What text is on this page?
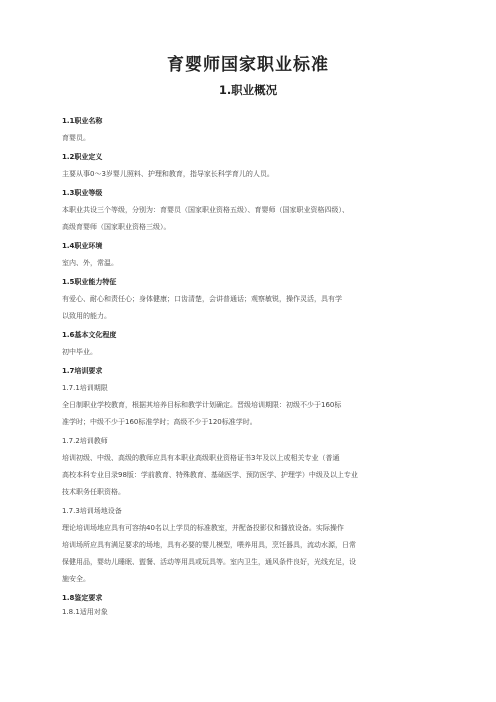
育婴师国家职业标准
1.职业概况
1.1职业名称
育婴员。
1.2职业定义
主要从事0～3岁婴儿照料、护理和教育，指导家长科学育儿的人员。
1.3职业等级
本职业共设三个等级，分别为：育婴员（国家职业资格五级）、育婴师（国家职业资格四级）、
高级育婴师（国家职业资格三级）。
1.4职业环境
室内、外，常温。
1.5职业能力特征
有爱心、耐心和责任心；身体健康；口齿清楚，会讲普通话；观察敏锐，操作灵活，具有学
以致用的能力。
1.6基本文化程度
初中毕业。
1.7培训要求
1.7.1培训期限
全日制职业学校教育，根据其培养目标和教学计划确定。晋级培训期限：初级不少于160标
准学时；中级不少于160标准学时；高级不少于120标准学时。
1.7.2培训教师
培训初级、中级、高级的教师应具有本职业高级职业资格证书3年及以上或相关专业（普通
高校本科专业目录98版：学前教育、特殊教育、基础医学、预防医学、护理学）中级及以上专业
技术职务任职资格。
1.7.3培训场地设备
理论培训场地应具有可容纳40名以上学员的标准教室，并配备投影仪和播放设备。实际操作
培训场所应具有满足要求的场地，具有必要的婴儿模型，喂养用具，烹饪器具，流动水源，日常
保健用品，婴幼儿睡眠、盥餐、活动等用具或玩具等。室内卫生，通风条件良好，光线充足，设
施安全。
1.8鉴定要求
1.8.1适用对象
